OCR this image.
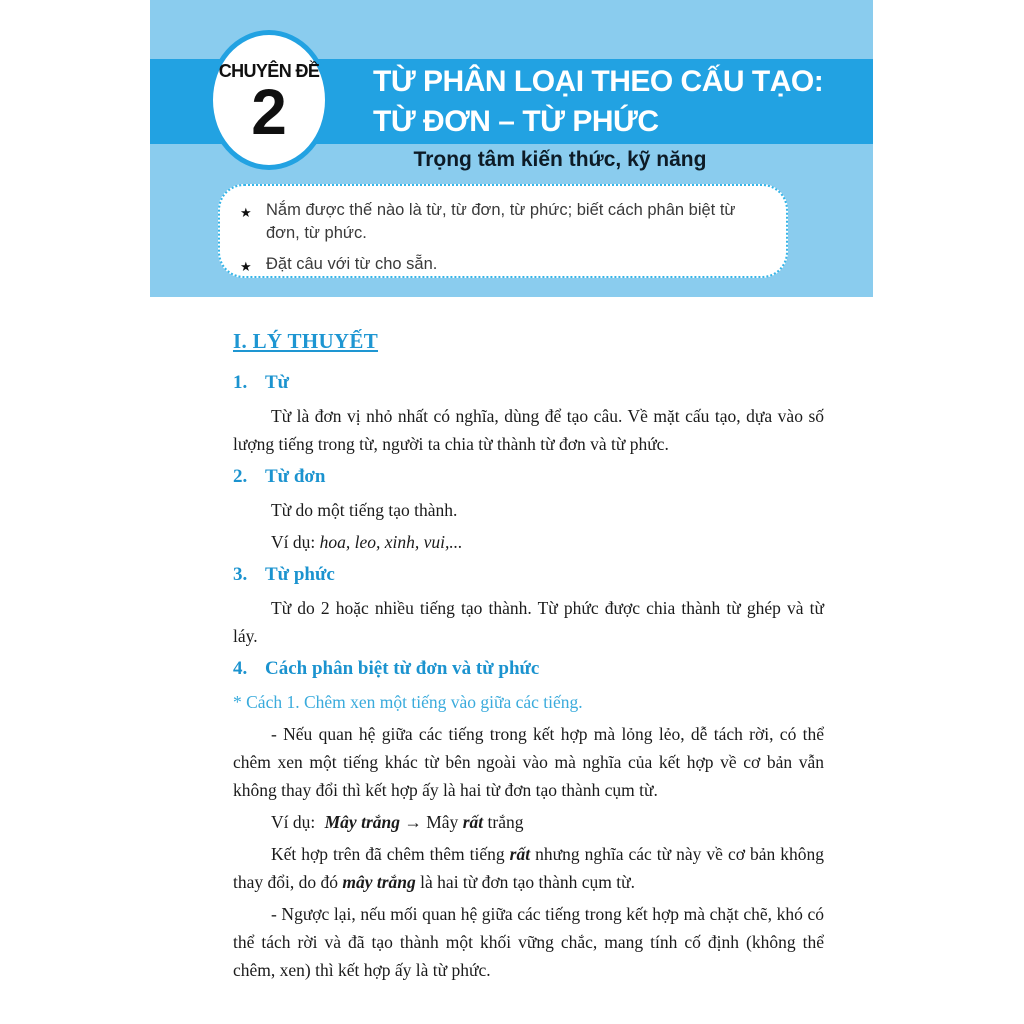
CHUYÊN ĐỀ
2	TỪ PHÂN LOẠI THEO CẤU TẠO:
TỪ ĐƠN – TỪ PHỨC
Trọng tâm kiến thức, kỹ năng
★ Nắm được thế nào là từ, từ đơn, từ phức; biết cách phân biệt từ đơn, từ phức.
★ Đặt câu với từ cho sẵn.
I. LÝ THUYẾT
1. Từ

Từ là đơn vị nhỏ nhất có nghĩa, dùng để tạo câu. Về mặt cấu tạo, dựa vào số lượng tiếng trong từ, người ta chia từ thành từ đơn và từ phức.

2. Từ đơn

Từ do một tiếng tạo thành.

Ví dụ: hoa, leo, xinh, vui,...

3. Từ phức

Từ do 2 hoặc nhiều tiếng tạo thành. Từ phức được chia thành từ ghép và từ láy.

4. Cách phân biệt từ đơn và từ phức

* Cách 1. Chêm xen một tiếng vào giữa các tiếng.

- Nếu quan hệ giữa các tiếng trong kết hợp mà lỏng lẻo, dễ tách rời, có thể chêm xen một tiếng khác từ bên ngoài vào mà nghĩa của kết hợp về cơ bản vẫn không thay đổi thì kết hợp ấy là hai từ đơn tạo thành cụm từ.

Ví dụ: Mây trắng → Mây rất trắng

Kết hợp trên đã chêm thêm tiếng rất nhưng nghĩa các từ này về cơ bản không thay đổi, do đó mây trắng là hai từ đơn tạo thành cụm từ.

- Ngược lại, nếu mối quan hệ giữa các tiếng trong kết hợp mà chặt chẽ, khó có thể tách rời và đã tạo thành một khối vững chắc, mang tính cố định (không thể chêm, xen) thì kết hợp ấy là từ phức.
